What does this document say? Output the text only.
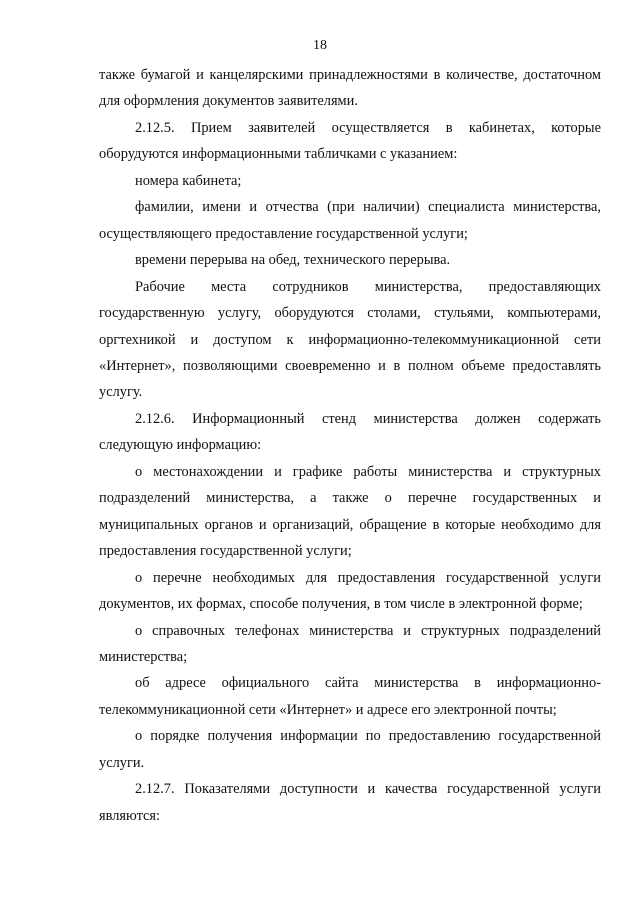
18

также бумагой и канцелярскими принадлежностями в количестве, достаточном для оформления документов заявителями.

2.12.5. Прием заявителей осуществляется в кабинетах, которые оборудуются информационными табличками с указанием:

номера кабинета;

фамилии, имени и отчества (при наличии) специалиста министерства, осуществляющего предоставление государственной услуги;

времени перерыва на обед, технического перерыва.

Рабочие места сотрудников министерства, предоставляющих государственную услугу, оборудуются столами, стульями, компьютерами, оргтехникой и доступом к информационно-телекоммуникационной сети «Интернет», позволяющими своевременно и в полном объеме предоставлять услугу.

2.12.6. Информационный стенд министерства должен содержать следующую информацию:

о местонахождении и графике работы министерства и структурных подразделений министерства, а также о перечне государственных и муниципальных органов и организаций, обращение в которые необходимо для предоставления государственной услуги;

о перечне необходимых для предоставления государственной услуги документов, их формах, способе получения, в том числе в электронной форме;

о справочных телефонах министерства и структурных подразделений министерства;

об адресе официального сайта министерства в информационно-телекоммуникационной сети «Интернет» и адресе его электронной почты;

о порядке получения информации по предоставлению государственной услуги.

2.12.7. Показателями доступности и качества государственной услуги являются:
